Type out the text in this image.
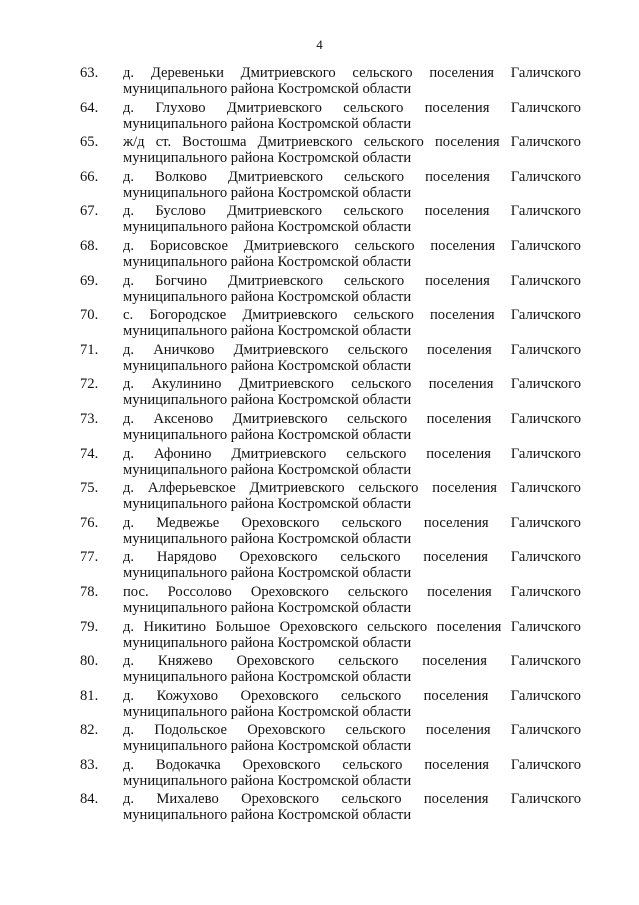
4
63.	д. Деревеньки Дмитриевского сельского поселения Галичского
муниципального района Костромской области
64.	д. Глухово Дмитриевского сельского поселения Галичского
муниципального района Костромской области
65.	ж/д ст. Востошма Дмитриевского сельского поселения Галичского
муниципального района Костромской области
66.	д. Волково Дмитриевского сельского поселения Галичского
муниципального района Костромской области
67.	д. Буслово Дмитриевского сельского поселения Галичского
муниципального района Костромской области
68.	д. Борисовское Дмитриевского сельского поселения Галичского
муниципального района Костромской области
69.	д. Богчино Дмитриевского сельского поселения Галичского
муниципального района Костромской области
70.	с. Богородское Дмитриевского сельского поселения Галичского
муниципального района Костромской области
71.	д. Аничково Дмитриевского сельского поселения Галичского
муниципального района Костромской области
72.	д. Акулинино Дмитриевского сельского поселения Галичского
муниципального района Костромской области
73.	д. Аксеново Дмитриевского сельского поселения Галичского
муниципального района Костромской области
74.	д. Афонино Дмитриевского сельского поселения Галичского
муниципального района Костромской области
75.	д. Алферьевское Дмитриевского сельского поселения Галичского
муниципального района Костромской области
76.	д. Медвежье Ореховского сельского поселения Галичского
муниципального района Костромской области
77.	д. Нарядово Ореховского сельского поселения Галичского
муниципального района Костромской области
78.	пос. Россолово Ореховского сельского поселения Галичского
муниципального района Костромской области
79.	д. Никитино Большое Ореховского сельского поселения Галичского
муниципального района Костромской области
80.	д. Княжево Ореховского сельского поселения Галичского
муниципального района Костромской области
81.	д. Кожухово Ореховского сельского поселения Галичского
муниципального района Костромской области
82.	д. Подольское Ореховского сельского поселения Галичского
муниципального района Костромской области
83.	д. Водокачка Ореховского сельского поселения Галичского
муниципального района Костромской области
84.	д. Михалево Ореховского сельского поселения Галичского
муниципального района Костромской области
